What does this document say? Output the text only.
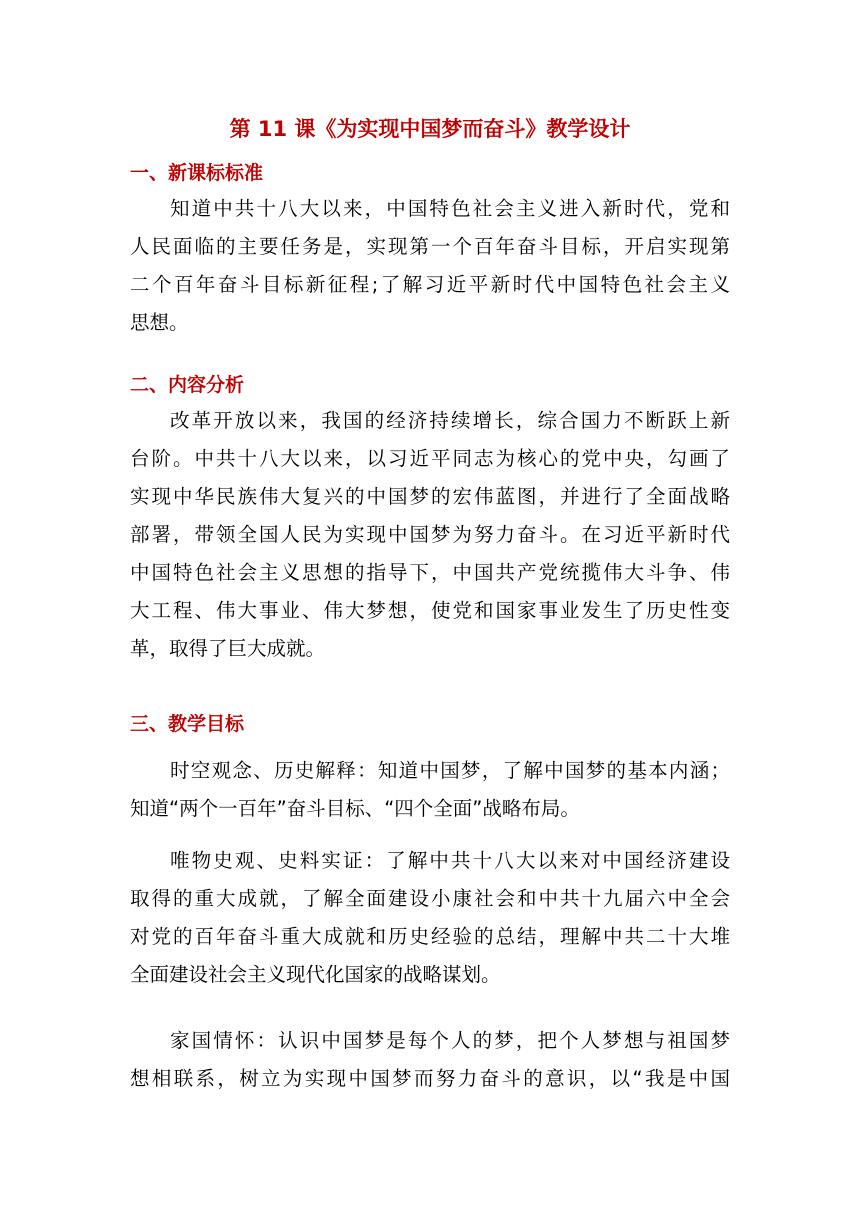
第 11 课《为实现中国梦而奋斗》教学设计
一、新课标标准
知道中共十八大以来，中国特色社会主义进入新时代，党和
人民面临的主要任务是，实现第一个百年奋斗目标，开启实现第
二个百年奋斗目标新征程;了解习近平新时代中国特色社会主义
思想。
二、内容分析
改革开放以来，我国的经济持续增长，综合国力不断跃上新
台阶。中共十八大以来，以习近平同志为核心的党中央，勾画了
实现中华民族伟大复兴的中国梦的宏伟蓝图，并进行了全面战略
部署，带领全国人民为实现中国梦为努力奋斗。在习近平新时代
中国特色社会主义思想的指导下，中国共产党统揽伟大斗争、伟
大工程、伟大事业、伟大梦想，使党和国家事业发生了历史性变
革，取得了巨大成就。
三、教学目标
时空观念、历史解释：知道中国梦，了解中国梦的基本内涵；
知道“两个一百年”奋斗目标、“四个全面”战略布局。
唯物史观、史料实证：了解中共十八大以来对中国经济建设
取得的重大成就，了解全面建设小康社会和中共十九届六中全会
对党的百年奋斗重大成就和历史经验的总结，理解中共二十大堆
全面建设社会主义现代化国家的战略谋划。
家国情怀：认识中国梦是每个人的梦，把个人梦想与祖国梦
想相联系，树立为实现中国梦而努力奋斗的意识，以“我是中国
